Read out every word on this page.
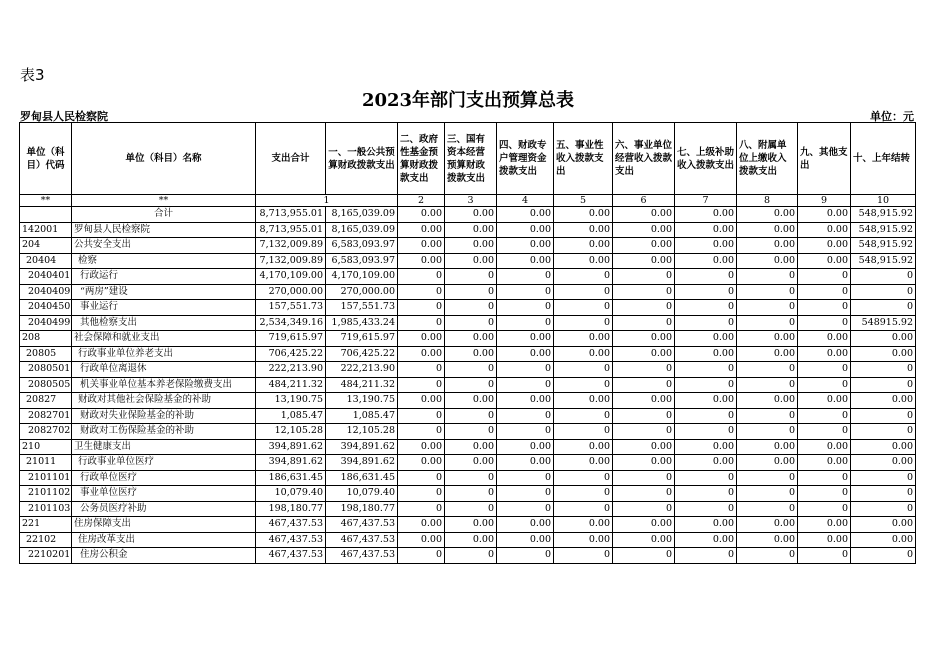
表3
2023年部门支出预算总表
罗甸县人民检察院	单位：元
单位（科目）代码	单位（科目）名称	支出合计	一、一般公共预算财政拨款支出	二、政府性基金预算财政拨款支出	三、国有资本经营预算财政拨款支出	四、财政专户管理资金拨款支出	五、事业性收入拨款支出	六、事业单位经营收入拨款支出	七、上级补助收入拨款支出	八、附属单位上缴收入拨款支出	九、其他支出	十、上年结转
**	**	1		2	3	4	5	6	7	8	9	10
	合计	8,713,955.01	8,165,039.09	0.00	0.00	0.00	0.00	0.00	0.00	0.00	0.00	548,915.92
142001	罗甸县人民检察院	8,713,955.01	8,165,039.09	0.00	0.00	0.00	0.00	0.00	0.00	0.00	0.00	548,915.92
204	公共安全支出	7,132,009.89	6,583,093.97	0.00	0.00	0.00	0.00	0.00	0.00	0.00	0.00	548,915.92
20404	检察	7,132,009.89	6,583,093.97	0.00	0.00	0.00	0.00	0.00	0.00	0.00	0.00	548,915.92
2040401	行政运行	4,170,109.00	4,170,109.00	0	0	0	0	0	0	0	0	0
2040409	“两房”建设	270,000.00	270,000.00	0	0	0	0	0	0	0	0	0
2040450	事业运行	157,551.73	157,551.73	0	0	0	0	0	0	0	0	0
2040499	其他检察支出	2,534,349.16	1,985,433.24	0	0	0	0	0	0	0	0	548915.92
208	社会保障和就业支出	719,615.97	719,615.97	0.00	0.00	0.00	0.00	0.00	0.00	0.00	0.00	0.00
20805	行政事业单位养老支出	706,425.22	706,425.22	0.00	0.00	0.00	0.00	0.00	0.00	0.00	0.00	0.00
2080501	行政单位离退休	222,213.90	222,213.90	0	0	0	0	0	0	0	0	0
2080505	机关事业单位基本养老保险缴费支出	484,211.32	484,211.32	0	0	0	0	0	0	0	0	0
20827	财政对其他社会保险基金的补助	13,190.75	13,190.75	0.00	0.00	0.00	0.00	0.00	0.00	0.00	0.00	0.00
2082701	财政对失业保险基金的补助	1,085.47	1,085.47	0	0	0	0	0	0	0	0	0
2082702	财政对工伤保险基金的补助	12,105.28	12,105.28	0	0	0	0	0	0	0	0	0
210	卫生健康支出	394,891.62	394,891.62	0.00	0.00	0.00	0.00	0.00	0.00	0.00	0.00	0.00
21011	行政事业单位医疗	394,891.62	394,891.62	0.00	0.00	0.00	0.00	0.00	0.00	0.00	0.00	0.00
2101101	行政单位医疗	186,631.45	186,631.45	0	0	0	0	0	0	0	0	0
2101102	事业单位医疗	10,079.40	10,079.40	0	0	0	0	0	0	0	0	0
2101103	公务员医疗补助	198,180.77	198,180.77	0	0	0	0	0	0	0	0	0
221	住房保障支出	467,437.53	467,437.53	0.00	0.00	0.00	0.00	0.00	0.00	0.00	0.00	0.00
22102	住房改革支出	467,437.53	467,437.53	0.00	0.00	0.00	0.00	0.00	0.00	0.00	0.00	0.00
2210201	住房公积金	467,437.53	467,437.53	0	0	0	0	0	0	0	0	0
